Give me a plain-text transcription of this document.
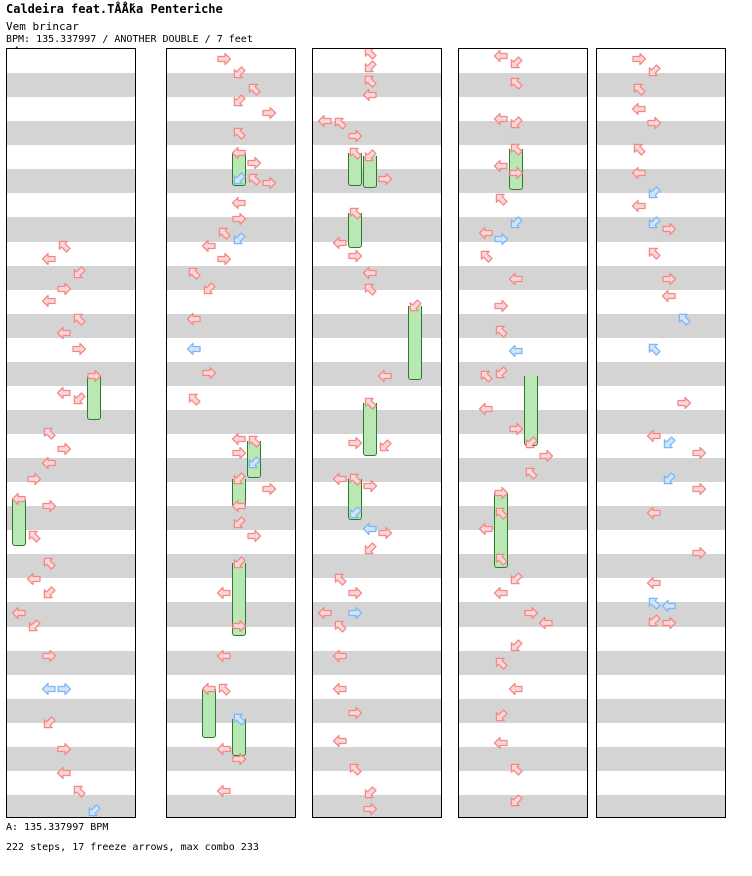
Caldeira feat.TÅ̃Å̌ka Penteriche
Vem brincar
BPM: 135.337997 / ANOTHER DOUBLE / 7 feet
A: 135.337997 BPM
222 steps, 17 freeze arrows, max combo 233
